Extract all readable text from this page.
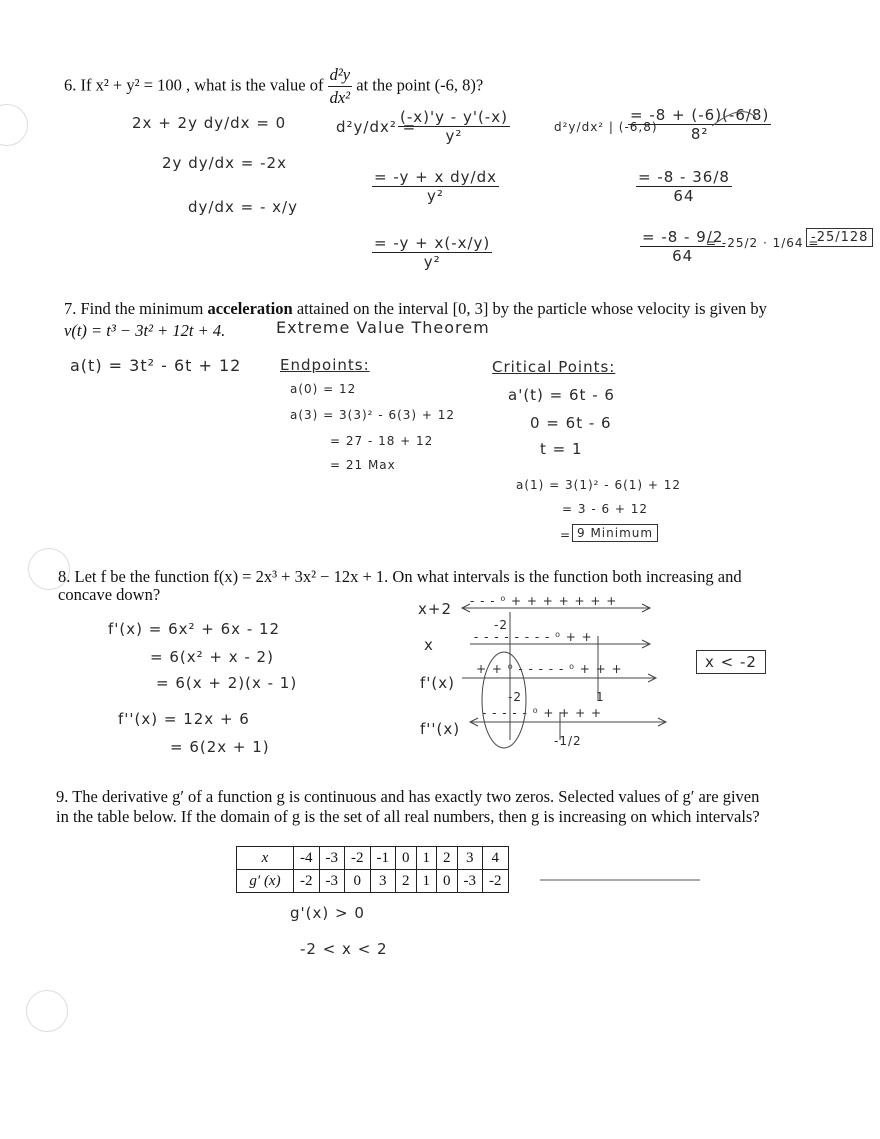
6. If x² + y² = 100 , what is the value of $\frac{\text{d²y}}{\text{dx²}}$ at the point (-6, 8)?
2x + 2y dy/dx = 0
2y dy/dx = -2x
dy/dx = - x/y
d²y/dx² =
$\frac{(-x)'y - y'(-x)}{\text{y²}}$
$\frac{\text{= -y + x dy/dx}}{\text{y²}}$
$\frac{= -y + x(-x/y)}{\text{y²}}$
d²y/dx² | (-6,8)
$\frac{= -8 + (-6)(-6/8)}{\text{8²}}$
$\frac{= -8 - 36/8}{64}$
$\frac{= -8 - 9/2}{64}$
= -25/2 · 1/64 =
-25/128
7. Find the minimum acceleration attained on the interval [0, 3] by the particle whose velocity is given by
v(t) = t³ − 3t² + 12t + 4.	Extreme Value Theorem
a(t) = 3t² - 6t + 12	Endpoints:
a(0) = 12
a(3) = 3(3)² - 6(3) + 12
= 27 - 18 + 12
= 21 Max
Critical Points:
a'(t) = 6t - 6
0 = 6t - 6
t = 1
a(1) = 3(1)² - 6(1) + 12
= 3 - 6 + 12
= 9 Minimum
8. Let f be the function f(x) = 2x³ + 3x² − 12x + 1. On what intervals is the function both increasing and
concave down?
f'(x) = 6x² + 6x - 12
= 6(x² + x - 2)
= 6(x + 2)(x - 1)
f''(x) = 12x + 6
= 6(2x + 1)
x+2 - - - ⁰ + + + + + + +
-2
x	- - - - - - - - ⁰ + +
f'(x)
+ + ⁰ - - - - - ⁰ + + +
-2	1
f''(x)
- - - - - ⁰ + + + +
-1/2
x < -2
9. The derivative g′ of a function g is continuous and has exactly two zeros. Selected values of g′ are given
in the table below. If the domain of g is the set of all real numbers, then g is increasing on which intervals?
x	-4	-3	-2	-1	0	1	2	3	4
g′ (x)	-2	-3	0	3	2	1	0	-3	-2
g'(x) > 0
-2 < x < 2
